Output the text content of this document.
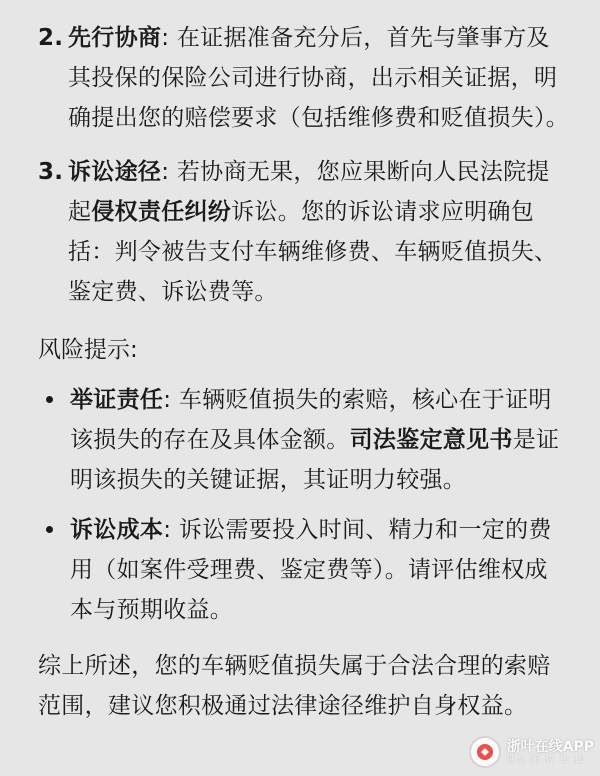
2. 先行协商: 在证据准备充分后，首先与肇事方及其投保的保险公司进行协商，出示相关证据，明确提出您的赔偿要求（包括维修费和贬值损失）。
3. 诉讼途径: 若协商无果，您应果断向人民法院提起侵权责任纠纷诉讼。您的诉讼请求应明确包括：判令被告支付车辆维修费、车辆贬值损失、鉴定费、诉讼费等。
风险提示:
举证责任: 车辆贬值损失的索赔，核心在于证明该损失的存在及具体金额。司法鉴定意见书是证明该损失的关键证据，其证明力较强。
诉讼成本: 诉讼需要投入时间、精力和一定的费用（如案件受理费、鉴定费等）。请评估维权成本与预期收益。
综上所述，您的车辆贬值损失属于合法合理的索赔范围，建议您积极通过法律途径维护自身权益。
浙叶在线APP
纵览 新 传 统 播
